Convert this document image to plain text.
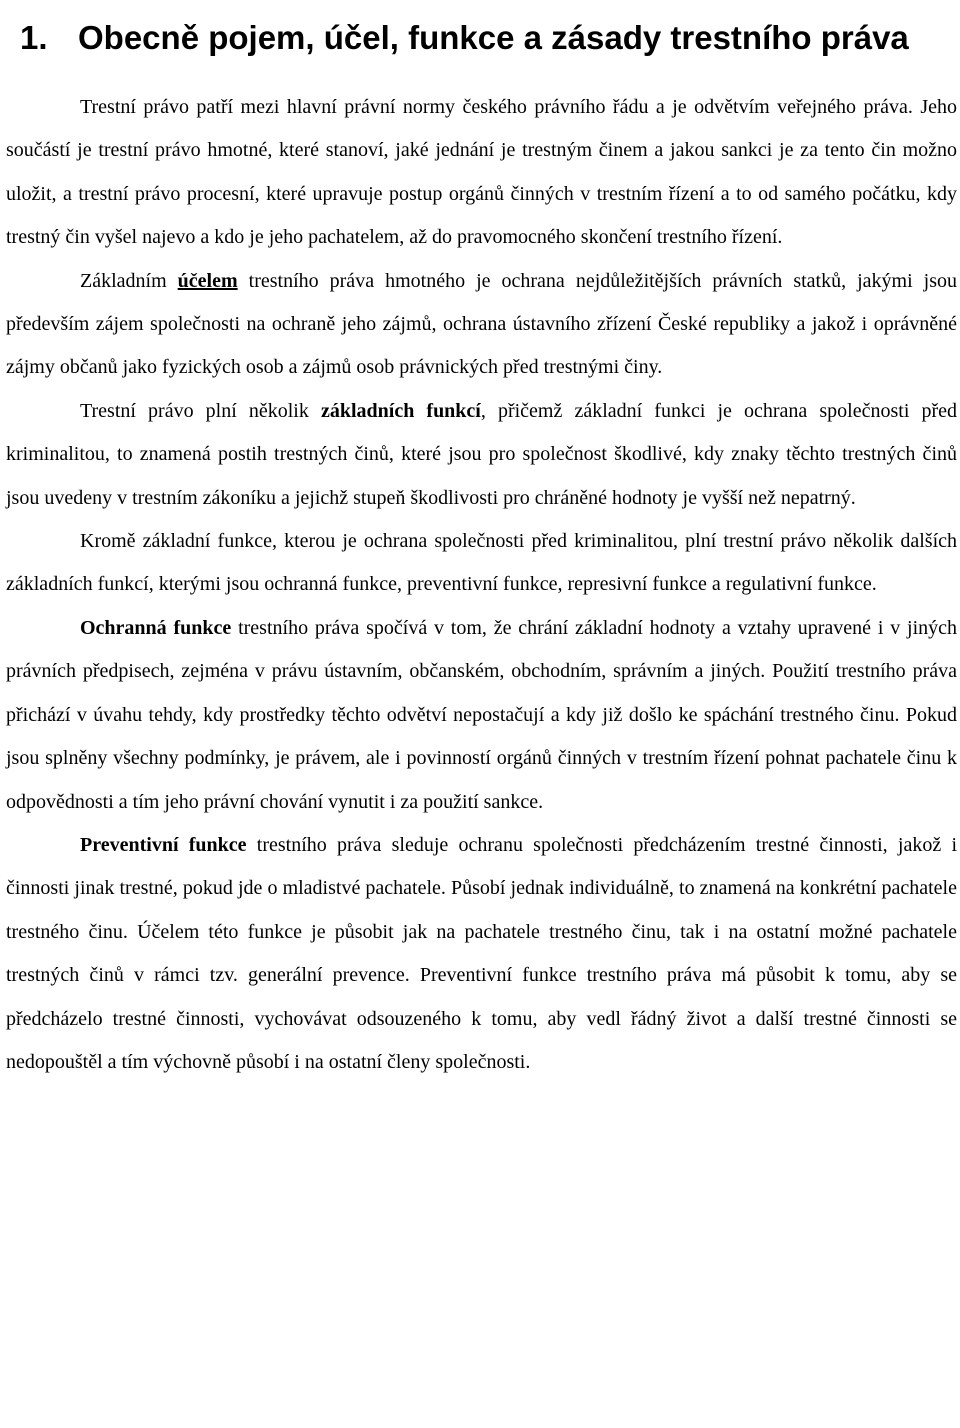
1. Obecně pojem, účel, funkce a zásady trestního práva

Trestní právo patří mezi hlavní právní normy českého právního řádu a je odvětvím veřejného práva. Jeho součástí je trestní právo hmotné, které stanoví, jaké jednání je trestným činem a jakou sankci je za tento čin možno uložit, a trestní právo procesní, které upravuje postup orgánů činných v trestním řízení a to od samého počátku, kdy trestný čin vyšel najevo a kdo je jeho pachatelem, až do pravomocného skončení trestního řízení.

Základním účelem trestního práva hmotného je ochrana nejdůležitějších právních statků, jakými jsou především zájem společnosti na ochraně jeho zájmů, ochrana ústavního zřízení České republiky a jakož i oprávněné zájmy občanů jako fyzických osob a zájmů osob právnických před trestnými činy.

Trestní právo plní několik základních funkcí, přičemž základní funkci je ochrana společnosti před kriminalitou, to znamená postih trestných činů, které jsou pro společnost škodlivé, kdy znaky těchto trestných činů jsou uvedeny v trestním zákoníku a jejichž stupeň škodlivosti pro chráněné hodnoty je vyšší než nepatrný.

Kromě základní funkce, kterou je ochrana společnosti před kriminalitou, plní trestní právo několik dalších základních funkcí, kterými jsou ochranná funkce, preventivní funkce, represivní funkce a regulativní funkce.

Ochranná funkce trestního práva spočívá v tom, že chrání základní hodnoty a vztahy upravené i v jiných právních předpisech, zejména v právu ústavním, občanském, obchodním, správním a jiných. Použití trestního práva přichází v úvahu tehdy, kdy prostředky těchto odvětví nepostačují a kdy již došlo ke spáchání trestného činu. Pokud jsou splněny všechny podmínky, je právem, ale i povinností orgánů činných v trestním řízení pohnat pachatele činu k odpovědnosti a tím jeho právní chování vynutit i za použití sankce.

Preventivní funkce trestního práva sleduje ochranu společnosti předcházením trestné činnosti, jakož i činnosti jinak trestné, pokud jde o mladistvé pachatele. Působí jednak individuálně, to znamená na konkrétní pachatele trestného činu. Účelem této funkce je působit jak na pachatele trestného činu, tak i na ostatní možné pachatele trestných činů v rámci tzv. generální prevence. Preventivní funkce trestního práva má působit k tomu, aby se předcházelo trestné činnosti, vychovávat odsouzeného k tomu, aby vedl řádný život a další trestné činnosti se nedopouštěl a tím výchovně působí i na ostatní členy společnosti.
